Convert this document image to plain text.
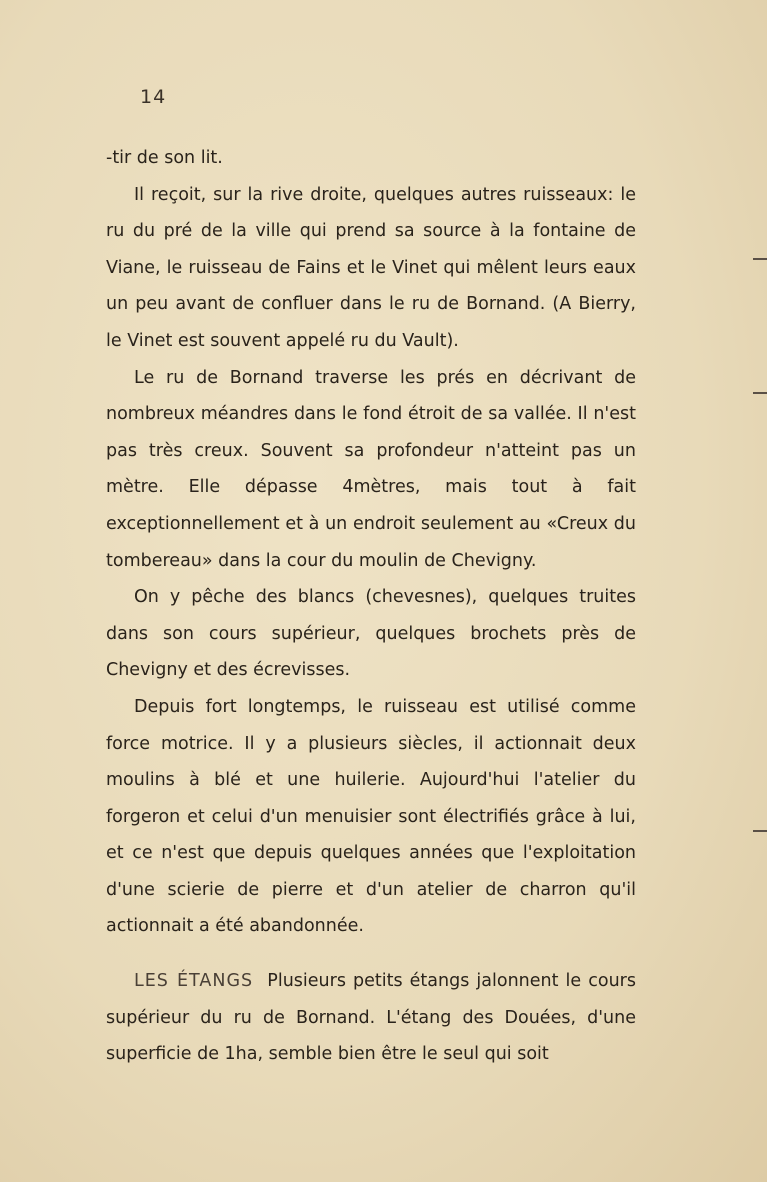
14

-tir de son lit.

Il reçoit, sur la rive droite, quelques autres ruisseaux: le ru du pré de la ville qui prend sa source à la fontaine de Viane, le ruisseau de Fains et le Vinet qui mêlent leurs eaux un peu avant de confluer dans le ru de Bornand. (A Bierry, le Vinet est souvent appelé ru du Vault).

Le ru de Bornand traverse les prés en décrivant de nombreux méandres dans le fond étroit de sa vallée. Il n'est pas très creux. Souvent sa profondeur n'atteint pas un mètre. Elle dépasse 4mètres, mais tout à fait exceptionnellement et à un endroit seulement au «Creux du tombereau» dans la cour du moulin de Chevigny.

On y pêche des blancs (chevesnes), quelques truites dans son cours supérieur, quelques brochets près de Chevigny et des écrevisses.

Depuis fort longtemps, le ruisseau est utilisé comme force motrice. Il y a plusieurs siècles, il actionnait deux moulins à blé et une huilerie. Aujourd'hui l'atelier du forgeron et celui d'un menuisier sont électrifiés grâce à lui, et ce n'est que depuis quelques années que l'exploitation d'une scierie de pierre et d'un atelier de charron qu'il actionnait a été abandonnée.

LES ÉTANGS Plusieurs petits étangs jalonnent le cours supérieur du ru de Bornand. L'étang des Douées, d'une superficie de 1ha, semble bien être le seul qui soit
